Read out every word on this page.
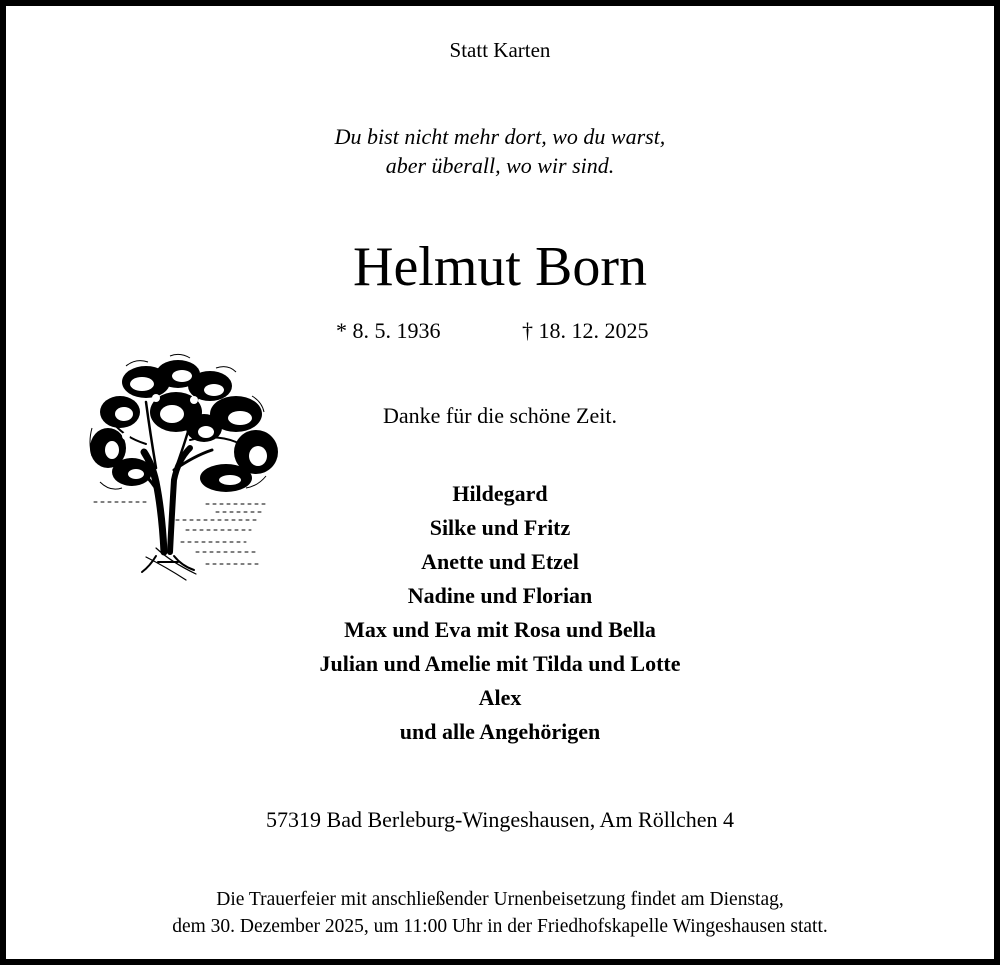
Statt Karten
Du bist nicht mehr dort, wo du warst,
aber überall, wo wir sind.
Helmut Born
* 8. 5. 1936	† 18. 12. 2025
Danke für die schöne Zeit.
Hildegard
Silke und Fritz
Anette und Etzel
Nadine und Florian
Max und Eva mit Rosa und Bella
Julian und Amelie mit Tilda und Lotte
Alex
und alle Angehörigen
57319 Bad Berleburg-Wingeshausen, Am Röllchen 4
Die Trauerfeier mit anschließender Urnenbeisetzung findet am Dienstag,
dem 30. Dezember 2025, um 11:00 Uhr in der Friedhofskapelle Wingeshausen statt.
